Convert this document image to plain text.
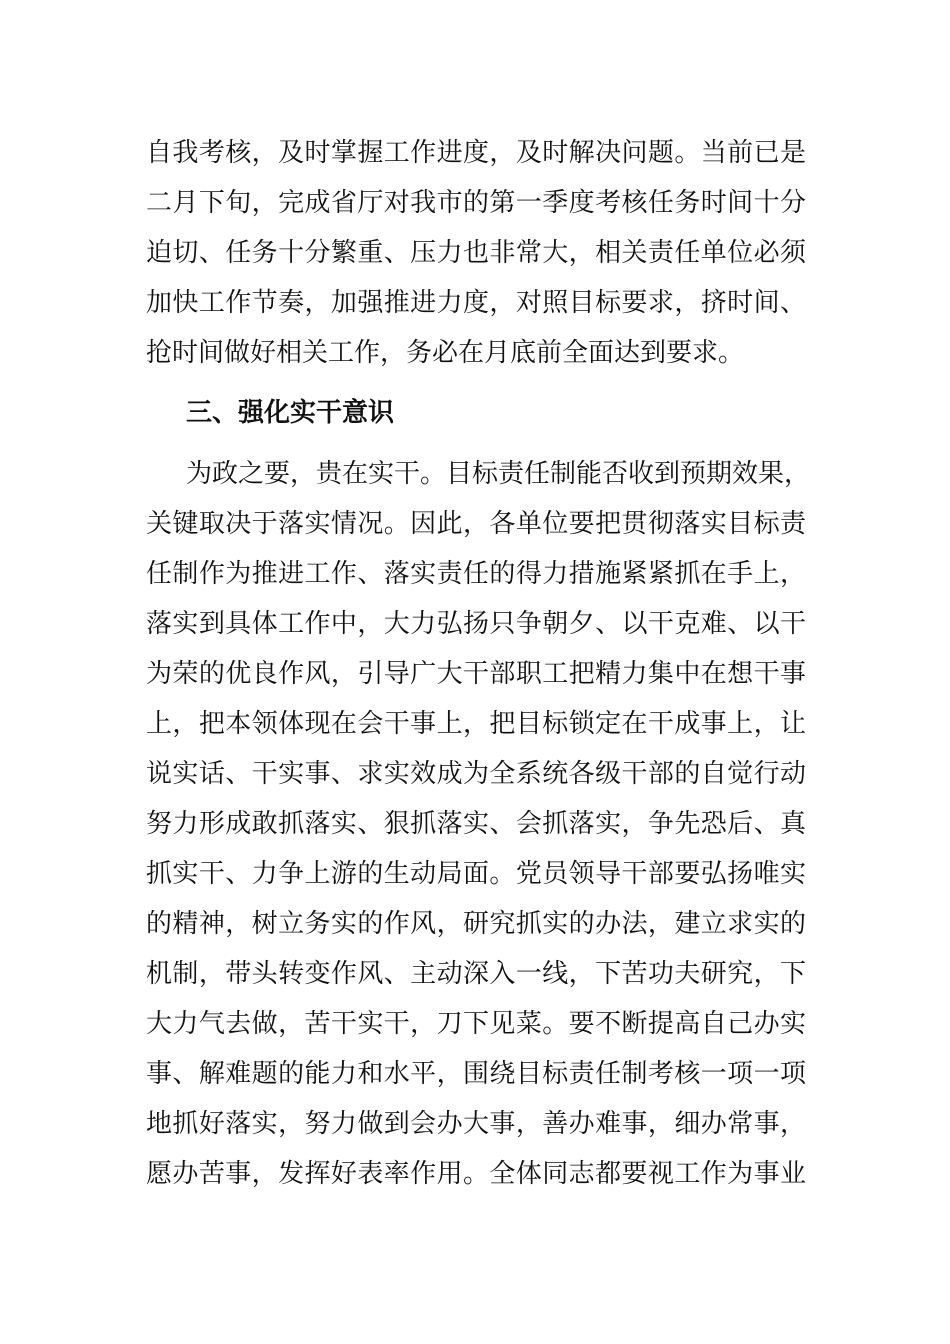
自我考核，及时掌握工作进度，及时解决问题。当前已是
二月下旬，完成省厅对我市的第一季度考核任务时间十分
迫切、任务十分繁重、压力也非常大，相关责任单位必须
加快工作节奏，加强推进力度，对照目标要求，挤时间、
抢时间做好相关工作，务必在月底前全面达到要求。
三、强化实干意识
为政之要，贵在实干。目标责任制能否收到预期效果，
关键取决于落实情况。因此，各单位要把贯彻落实目标责
任制作为推进工作、落实责任的得力措施紧紧抓在手上，
落实到具体工作中，大力弘扬只争朝夕、以干克难、以干
为荣的优良作风，引导广大干部职工把精力集中在想干事
上，把本领体现在会干事上，把目标锁定在干成事上，让
说实话、干实事、求实效成为全系统各级干部的自觉行动
努力形成敢抓落实、狠抓落实、会抓落实，争先恐后、真
抓实干、力争上游的生动局面。党员领导干部要弘扬唯实
的精神，树立务实的作风，研究抓实的办法，建立求实的
机制，带头转变作风、主动深入一线，下苦功夫研究，下
大力气去做，苦干实干，刀下见菜。要不断提高自己办实
事、解难题的能力和水平，围绕目标责任制考核一项一项
地抓好落实，努力做到会办大事，善办难事，细办常事，
愿办苦事，发挥好表率作用。全体同志都要视工作为事业
